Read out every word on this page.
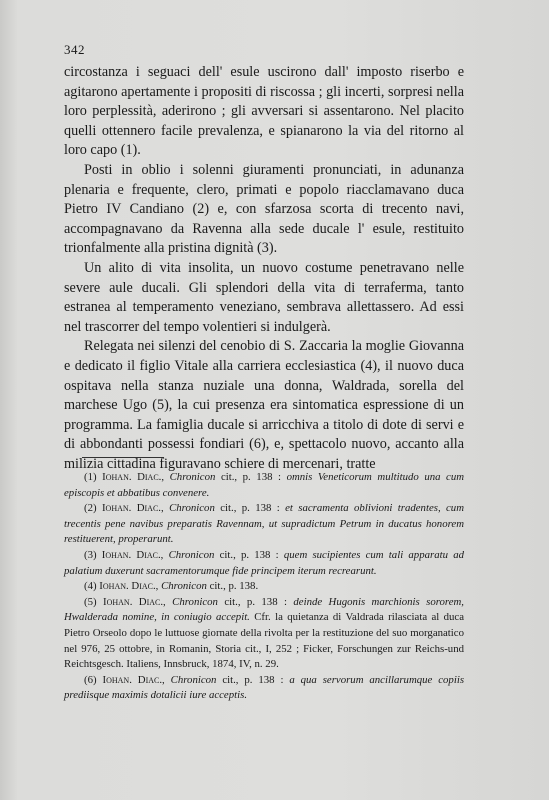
342

circostanza i seguaci dell' esule uscirono dall' imposto riserbo e agitarono apertamente i propositi di riscossa ; gli incerti, sorpresi nella loro perplessità, aderirono ; gli avversari si assentarono. Nel placito quelli ottennero facile prevalenza, e spianarono la via del ritorno al loro capo (1).

Posti in oblio i solenni giuramenti pronunciati, in adunanza plenaria e frequente, clero, primati e popolo riacclamavano duca Pietro IV Candiano (2) e, con sfarzosa scorta di trecento navi, accompagnavano da Ravenna alla sede ducale l' esule, restituito trionfalmente alla pristina dignità (3).

Un alito di vita insolita, un nuovo costume penetravano nelle severe aule ducali. Gli splendori della vita di terraferma, tanto estranea al temperamento veneziano, sembrava allettassero. Ad essi nel trascorrer del tempo volentieri si indulgerà.

Relegata nei silenzi del cenobio di S. Zaccaria la moglie Giovanna e dedicato il figlio Vitale alla carriera ecclesiastica (4), il nuovo duca ospitava nella stanza nuziale una donna, Waldrada, sorella del marchese Ugo (5), la cui presenza era sintomatica espressione di un programma. La famiglia ducale si arricchiva a titolo di dote di servi e di abbondanti possessi fondiari (6), e, spettacolo nuovo, accanto alla milizia cittadina figuravano schiere di mercenari, tratte

(1) Iohan. Diac., Chronicon cit., p. 138 : omnis Veneticorum multitudo una cum episcopis et abbatibus convenere.

(2) Iohan. Diac., Chronicon cit., p. 138 : et sacramenta oblivioni tradentes, cum trecentis pene navibus preparatis Ravennam, ut supradictum Petrum in ducatus honorem restituerent, properarunt.

(3) Iohan. Diac., Chronicon cit., p. 138 : quem sucipientes cum tali apparatu ad palatium duxerunt sacramentorumque fide principem iterum recrearunt.

(4) Iohan. Diac., Chronicon cit., p. 138.

(5) Iohan. Diac., Chronicon cit., p. 138 : deinde Hugonis marchionis sororem, Hwalderada nomine, in coniugio accepit. Cfr. la quietanza di Valdrada rilasciata al duca Pietro Orseolo dopo le luttuose giornate della rivolta per la restituzione del suo morganatico nel 976, 25 ottobre, in Romanin, Storia cit., I, 252 ; Ficker, Forschungen zur Reichs-und Reichtsgesch. Italiens, Innsbruck, 1874, IV, n. 29.

(6) Iohan. Diac., Chronicon cit., p. 138 : a qua servorum ancillarumque copiis prediisque maximis dotalicii iure acceptis.
